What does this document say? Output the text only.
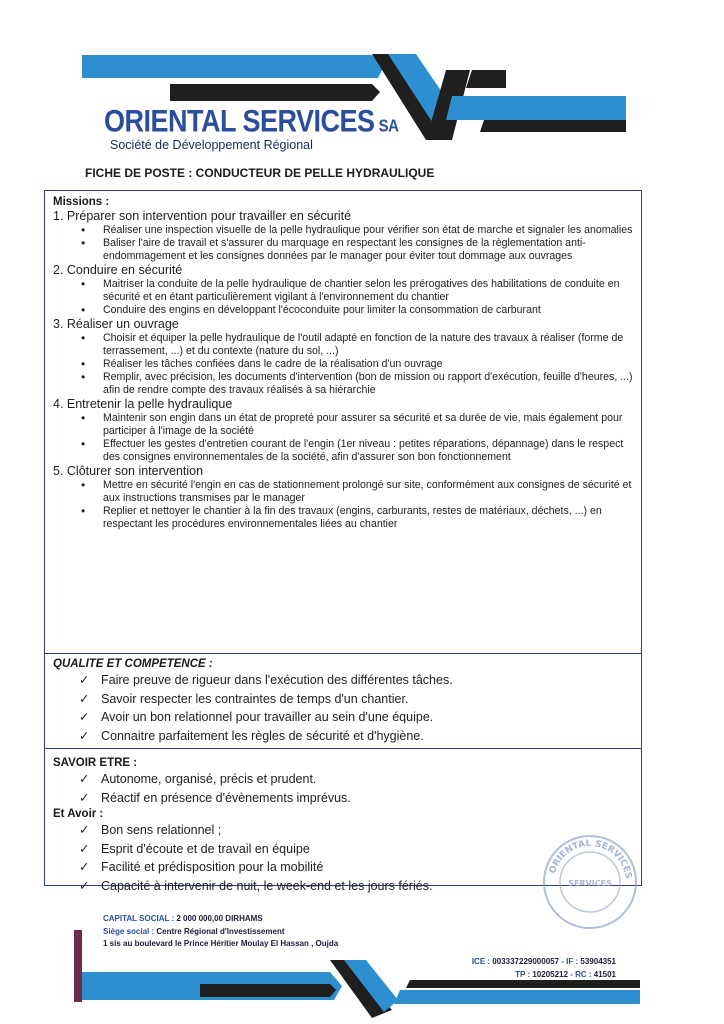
ORIENTAL SERVICES SA
Société de Développement Régional
FICHE DE POSTE : CONDUCTEUR DE PELLE HYDRAULIQUE
Missions :

1. Préparer son intervention pour travailler en sécurité

• Réaliser une inspection visuelle de la pelle hydraulique pour vérifier son état de marche et signaler les anomalies
• Baliser l'aire de travail et s'assurer du marquage en respectant les consignes de la règlementation anti-endommagement et les consignes données par le manager pour éviter tout dommage aux ouvrages

2. Conduire en sécurité

• Maitriser la conduite de la pelle hydraulique de chantier selon les prérogatives des habilitations de conduite en sécurité et en étant particulièrement vigilant à l'environnement du chantier
• Conduire des engins en développant l'écoconduite pour limiter la consommation de carburant

3. Réaliser un ouvrage

• Choisir et équiper la pelle hydraulique de l'outil adapté en fonction de la nature des travaux à réaliser (forme de terrassement, ...) et du contexte (nature du sol, ...)
• Réaliser les tâches confiées dans le cadre de la réalisation d'un ouvrage
• Remplir, avec précision, les documents d'intervention (bon de mission ou rapport d'exécution, feuille d'heures, ...) afin de rendre compte des travaux réalisés à sa hiérarchie

4. Entretenir la pelle hydraulique

• Maintenir son engin dans un état de propreté pour assurer sa sécurité et sa durée de vie, mais également pour participer à l'image de la société
• Effectuer les gestes d'entretien courant de l'engin (1er niveau : petites réparations, dépannage) dans le respect des consignes environnementales de la société, afin d'assurer son bon fonctionnement

5. Clôturer son intervention

• Mettre en sécurité l'engin en cas de stationnement prolongé sur site, conformément aux consignes de sécurité et aux instructions transmises par le manager
• Replier et nettoyer le chantier à la fin des travaux (engins, carburants, restes de matériaux, déchets, ...) en respectant les procédures environnementales liées au chantier
QUALITE ET COMPETENCE :
✓ Faire preuve de rigueur dans l'exécution des différentes tâches.
✓ Savoir respecter les contraintes de temps d'un chantier.
✓ Avoir un bon relationnel pour travailler au sein d'une équipe.
✓ Connaitre parfaitement les règles de sécurité et d'hygiène.
SAVOIR ETRE :
✓ Autonome, organisé, précis et prudent.
✓ Réactif en présence d'évènements imprévus.
Et Avoir :
✓ Bon sens relationnel ;
✓ Esprit d'écoute et de travail en équipe
✓ Facilité et prédisposition pour la mobilité
✓ Capacité à intervenir de nuit, le week-end et les jours fériés.
ORIENTAL SERVICES
SERVICES
CAPITAL SOCIAL : 2 000 000,00 DIRHAMS
Siège social : Centre Régional d'Investissement
1 sis au boulevard le Prince Héritier Moulay El Hassan , Oujda
ICE : 003337229000057 - IF : 53904351
TP : 10205212 - RC : 41501
